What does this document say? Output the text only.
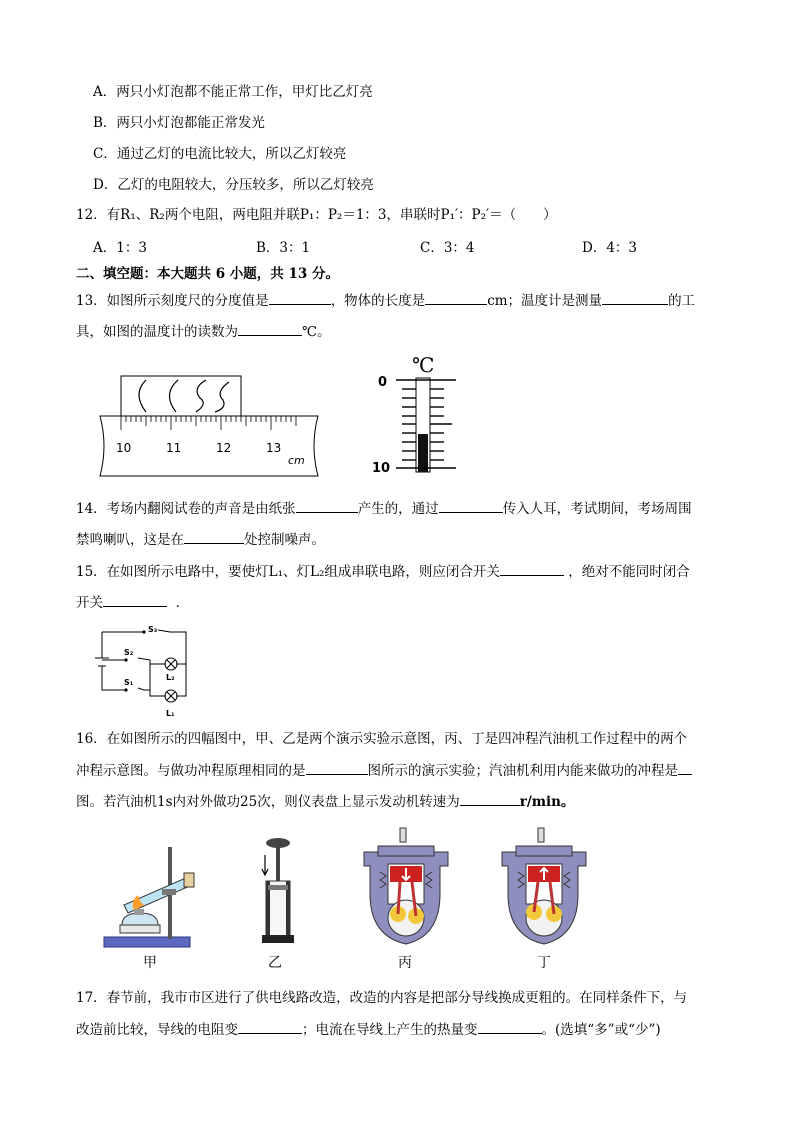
A．两只小灯泡都不能正常工作，甲灯比乙灯亮
B．两只小灯泡都能正常发光
C．通过乙灯的电流比较大，所以乙灯较亮
D．乙灯的电阻较大，分压较多，所以乙灯较亮
12．有R₁、R₂两个电阻，两电阻并联P₁：P₂＝1：3，串联时P₁′：P₂′＝（　　）
A．1：3	B．3：1	C．3：4	D．4：3
二、填空题：本大题共 6 小题，共 13 分。
13．如图所示刻度尺的分度值是	，物体的长度是	cm；温度计是测量	的工
具，如图的温度计的读数为	℃。
10	11	12	13
cm
℃
0
10
14．考场内翻阅试卷的声音是由纸张	产生的，通过	传入人耳，考试期间，考场周围
禁鸣喇叭，这是在	处控制噪声。
15．在如图所示电路中，要使灯L₁、灯L₂组成串联电路，则应闭合开关	，绝对不能同时闭合
开关	．
S₃
S₂
S₁
L₂
L₁
16．在如图所示的四幅图中，甲、乙是两个演示实验示意图，丙、丁是四冲程汽油机工作过程中的两个
冲程示意图。与做功冲程原理相同的是	图所示的演示实验；汽油机利用内能来做功的冲程是
图。若汽油机1s内对外做功25次，则仪表盘上显示发动机转速为	r/min。
甲	乙	丙	丁
17．春节前，我市市区进行了供电线路改造，改造的内容是把部分导线换成更粗的。在同样条件下，与
改造前比较，导线的电阻变	；电流在导线上产生的热量变	。(选填“多”或“少”)
